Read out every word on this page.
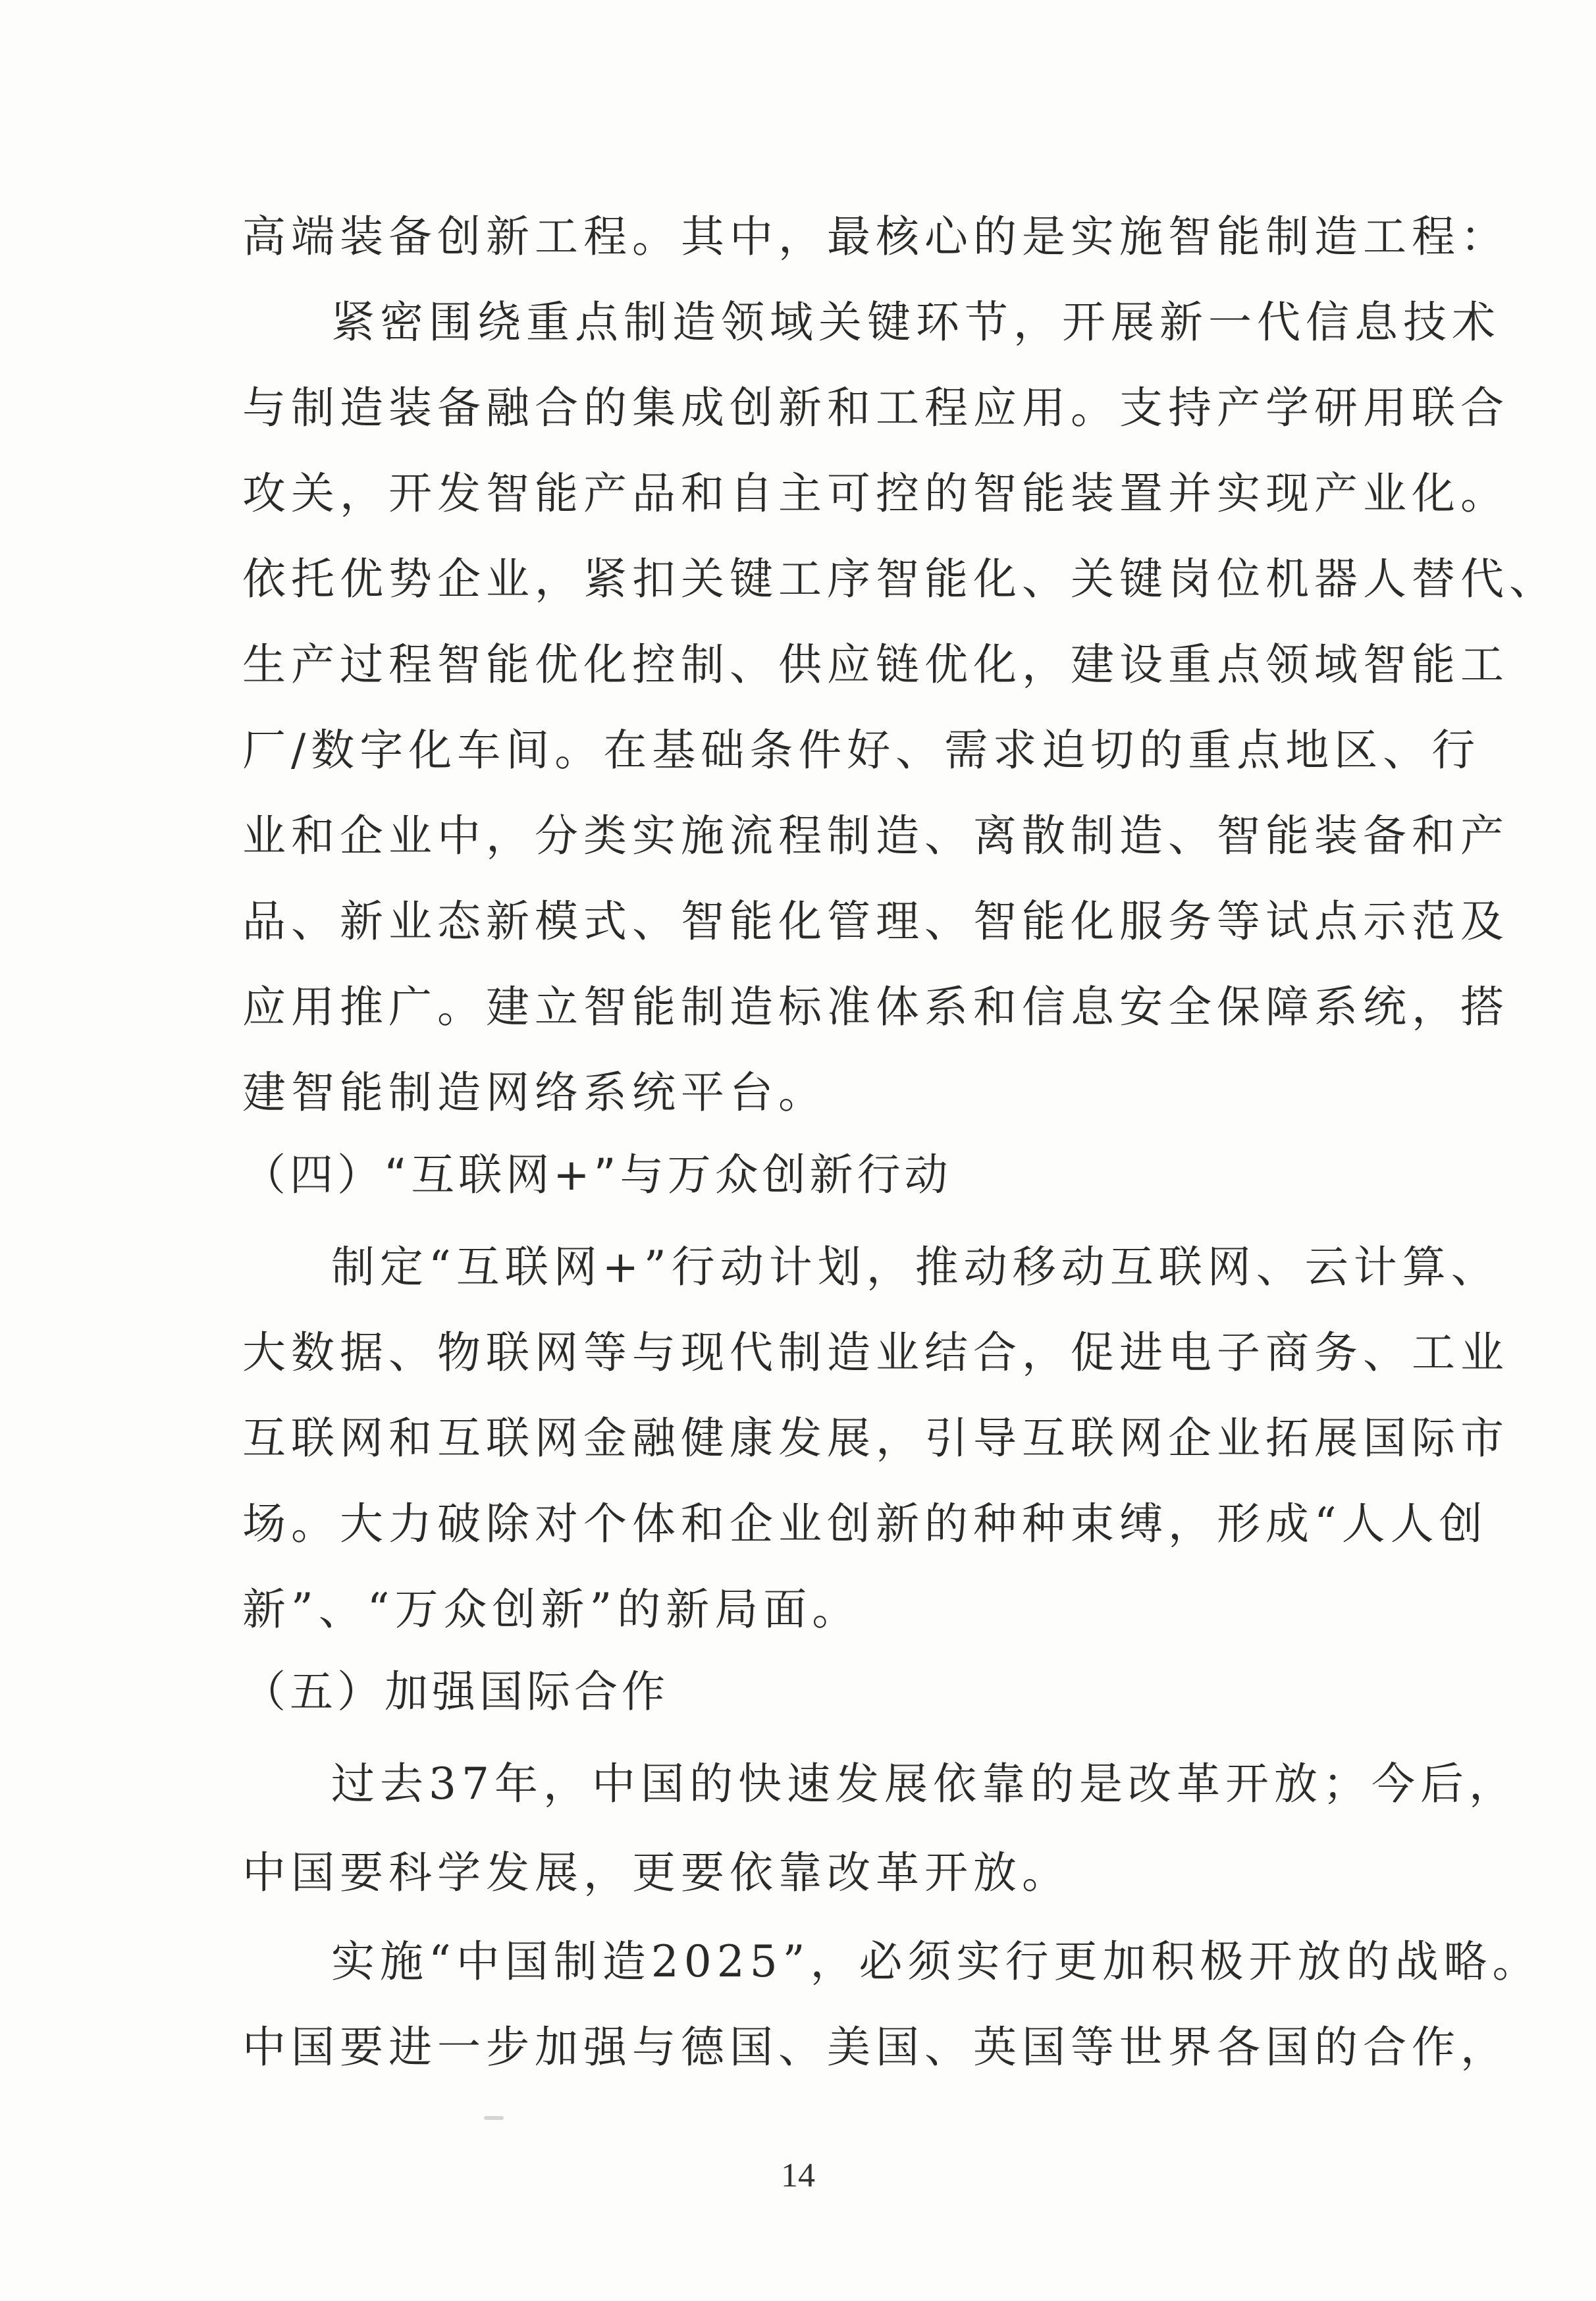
高端装备创新工程。其中，最核心的是实施智能制造工程：
紧密围绕重点制造领域关键环节，开展新一代信息技术
与制造装备融合的集成创新和工程应用。支持产学研用联合
攻关，开发智能产品和自主可控的智能装置并实现产业化。
依托优势企业，紧扣关键工序智能化、关键岗位机器人替代、
生产过程智能优化控制、供应链优化，建设重点领域智能工
厂/数字化车间。在基础条件好、需求迫切的重点地区、行
业和企业中，分类实施流程制造、离散制造、智能装备和产
品、新业态新模式、智能化管理、智能化服务等试点示范及
应用推广。建立智能制造标准体系和信息安全保障系统，搭
建智能制造网络系统平台。
（四）“互联网+”与万众创新行动
制定“互联网+”行动计划，推动移动互联网、云计算、
大数据、物联网等与现代制造业结合，促进电子商务、工业
互联网和互联网金融健康发展，引导互联网企业拓展国际市
场。大力破除对个体和企业创新的种种束缚，形成“人人创
新”、“万众创新”的新局面。
（五）加强国际合作
过去37年，中国的快速发展依靠的是改革开放；今后，
中国要科学发展，更要依靠改革开放。
实施“中国制造2025”，必须实行更加积极开放的战略。
中国要进一步加强与德国、美国、英国等世界各国的合作，
14
